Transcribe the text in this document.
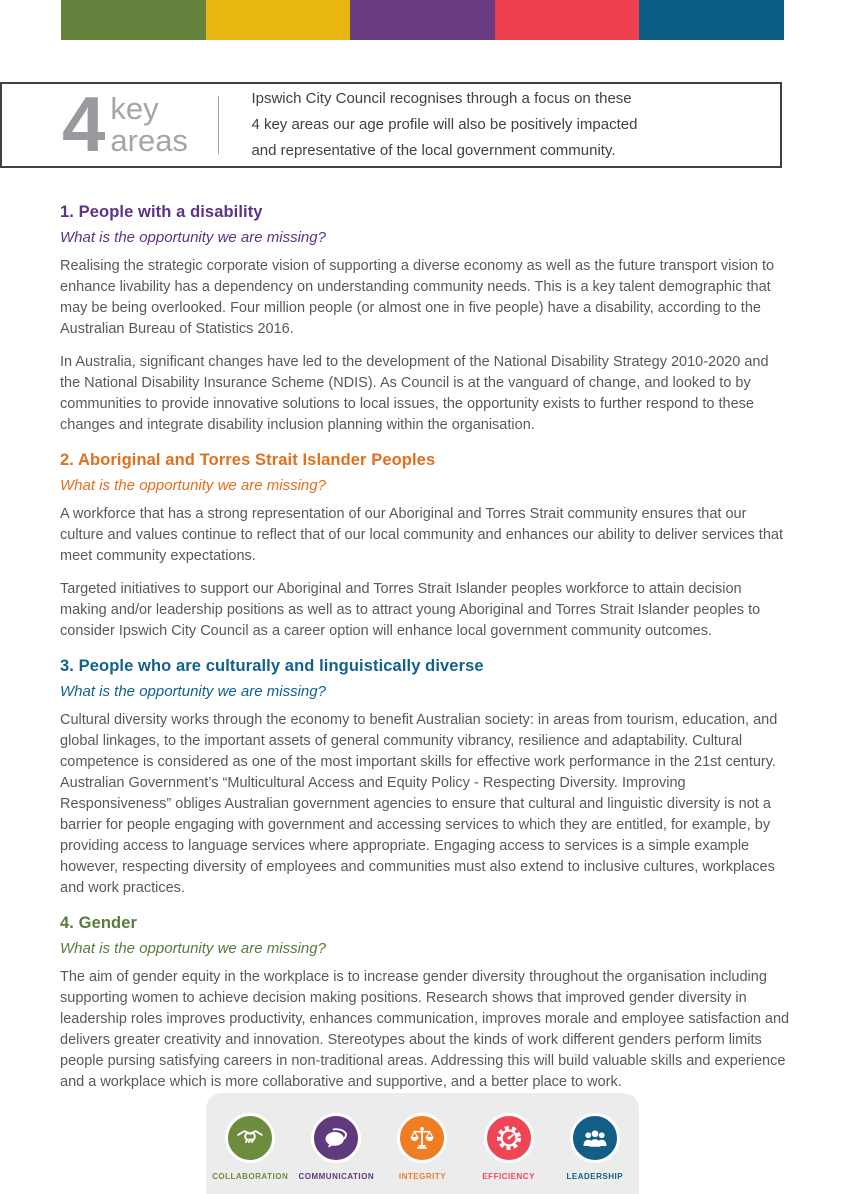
4 key
areas
Ipswich City Council recognises through a focus on these 4 key areas our age profile will also be positively impacted and representative of the local government community.
1. People with a disability
What is the opportunity we are missing?

Realising the strategic corporate vision of supporting a diverse economy as well as the future transport vision to enhance livability has a dependency on understanding community needs. This is a key talent demographic that may be being overlooked. Four million people (or almost one in five people) have a disability, according to the Australian Bureau of Statistics 2016.

In Australia, significant changes have led to the development of the National Disability Strategy 2010-2020 and the National Disability Insurance Scheme (NDIS). As Council is at the vanguard of change, and looked to by communities to provide innovative solutions to local issues, the opportunity exists to further respond to these changes and integrate disability inclusion planning within the organisation.

2. Aboriginal and Torres Strait Islander Peoples
What is the opportunity we are missing?

A workforce that has a strong representation of our Aboriginal and Torres Strait community ensures that our culture and values continue to reflect that of our local community and enhances our ability to deliver services that meet community expectations.

Targeted initiatives to support our Aboriginal and Torres Strait Islander peoples workforce to attain decision making and/or leadership positions as well as to attract young Aboriginal and Torres Strait Islander peoples to consider Ipswich City Council as a career option will enhance local government community outcomes.

3. People who are culturally and linguistically diverse
What is the opportunity we are missing?

Cultural diversity works through the economy to benefit Australian society: in areas from tourism, education, and global linkages, to the important assets of general community vibrancy, resilience and adaptability. Cultural competence is considered as one of the most important skills for effective work performance in the 21st century. Australian Government’s “Multicultural Access and Equity Policy - Respecting Diversity. Improving Responsiveness” obliges Australian government agencies to ensure that cultural and linguistic diversity is not a barrier for people engaging with government and accessing services to which they are entitled, for example, by providing access to language services where appropriate. Engaging access to services is a simple example however, respecting diversity of employees and communities must also extend to inclusive cultures, workplaces and work practices.

4. Gender
What is the opportunity we are missing?

The aim of gender equity in the workplace is to increase gender diversity throughout the organisation including supporting women to achieve decision making positions. Research shows that improved gender diversity in leadership roles improves productivity, enhances communication, improves morale and employee satisfaction and delivers greater creativity and innovation. Stereotypes about the kinds of work different genders perform limits people pursing satisfying careers in non-traditional areas. Addressing this will build valuable skills and experience and a workplace which is more collaborative and supportive, and a better place to work.

COLLABORATION COMMUNICATION	INTEGRITY	EFFICIENCY	LEADERSHIP
